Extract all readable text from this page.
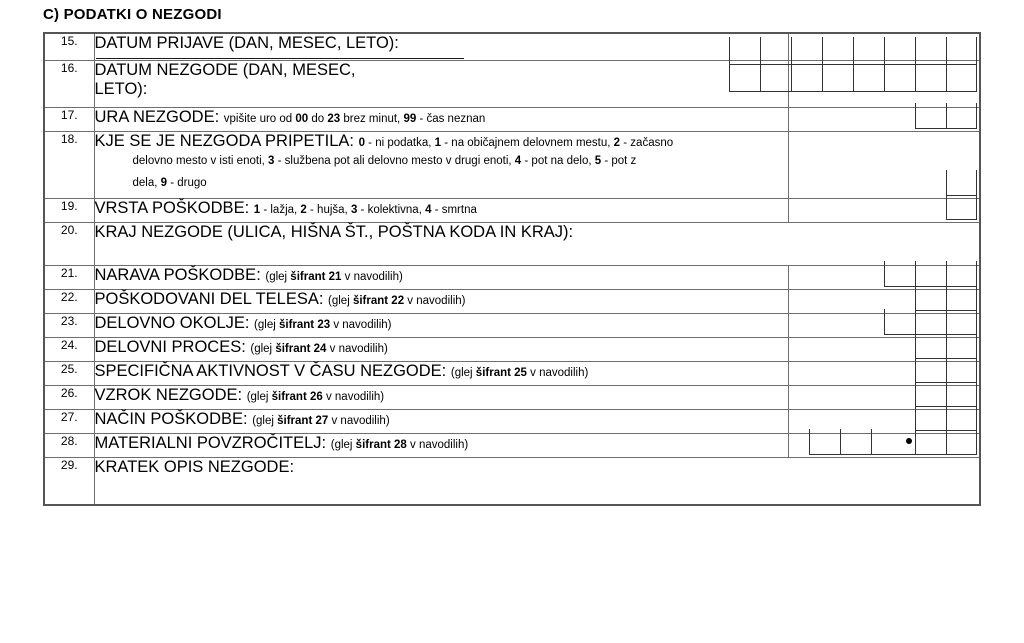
C) PODATKI O NEZGODI
15.	DATUM PRIJAVE (DAN, MESEC, LETO):	

16.	DATUM NEZGODE (DAN, MESEC,
LETO):	

17.	URA NEZGODE: vpišite uro od 00 do 23 brez minut, 99 - čas neznan	

18.	KJE SE JE NEZGODA PRIPETILA: 0 - ni podatka, 1 - na običajnem delovnem mestu, 2 - začasno
delovno mesto v isti enoti, 3 - službena pot ali delovno mesto v drugi enoti, 4 - pot na delo, 5 - pot z
dela, 9 - drugo	

19.	VRSTA POŠKODBE: 1 - lažja, 2 - hujša, 3 - kolektivna, 4 - smrtna	

20.	KRAJ NEZGODE (ULICA, HIŠNA ŠT., POŠTNA KODA IN KRAJ):	

21.	NARAVA POŠKODBE: (glej šifrant 21 v navodilih)	

22.	POŠKODOVANI DEL TELESA: (glej šifrant 22 v navodilih)	

23.	DELOVNO OKOLJE: (glej šifrant 23 v navodilih)	

24.	DELOVNI PROCES: (glej šifrant 24 v navodilih)	

25.	SPECIFIČNA AKTIVNOST V ČASU NEZGODE: (glej šifrant 25 v navodilih)	

26.	VZROK NEZGODE: (glej šifrant 26 v navodilih)	

27.	NAČIN POŠKODBE: (glej šifrant 27 v navodilih)	

28.	MATERIALNI POVZROČITELJ: (glej šifrant 28 v navodilih)	

29.	KRATEK OPIS NEZGODE:	
